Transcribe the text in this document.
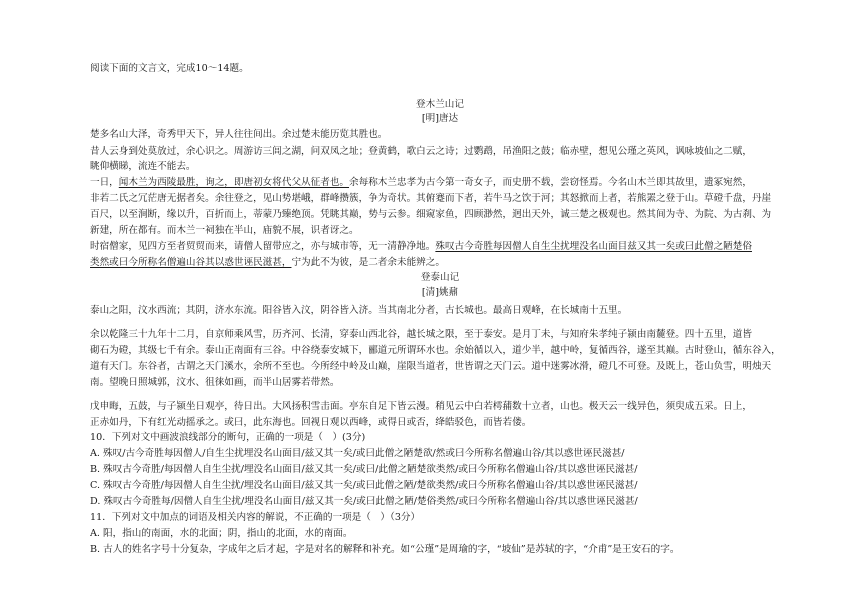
阅读下面的文言文，完成10～14题。
登木兰山记
[明]唐达
楚多名山大泽，奇秀甲天下，异人往往间出。余过楚未能历览其胜也。
昔人云身到处莫放过，余心识之。周游访三闾之湖，问双凤之址；登黄鹤，歌白云之诗；过鹦鹉，吊渔阳之鼓；临赤壁，想见公瑾之英风，讽咏坡仙之二赋，
眺仰横睇，流连不能去。
一日，闻木兰为西陵最胜，询之，即唐初女将代父从征者也。余每称木兰忠孝为古今第一奇女子，而史册不载，尝窃怪焉。今名山木兰即其故里，遗冢宛然，
非若二氏之冗茫唐无据者矣。余往登之，见山势堪峨，群峰攒簇，争为奇状。其俯蹇而下者，若牛马之饮于河；其怒掀而上者，若熊罴之登于山。草磴千盘，丹崖
百尺，以至涧断，缘以升，百折而上，蒂蒙乃臻绝顶。凭眺其巅，势与云参。细窥家鱼，四顾渺然，迥出天外，诚三楚之极观也。然其间为寺、为院、为古刹、为
新建，所在都有。而木兰一祠独在半山，庙貌不展，识者讶之。
时宿僧家，见四方至者贸贸而来，请僧人留带应之，亦与城市等，无一清静净地。殊叹古今奇胜每因僧人自生尘扰埋没名山面目兹又其一矣或曰此僧之陋楚俗
类然或曰今所称名僧遍山谷其以惑世诬民滋甚，宁为此不为彼，是二者余未能辨之。
登泰山记
[清]姚鼐
泰山之阳，汶水西流；其阴，济水东流。阳谷皆入汶，阴谷皆入济。当其南北分者，古长城也。最高日观峰，在长城南十五里。
余以乾隆三十九年十二月，自京师乘风雪，历齐河、长清，穿泰山西北谷，越长城之限，至于泰安。是月丁未，与知府朱孝纯子颍由南麓登。四十五里，道皆
砌石为磴，其级七千有余。泰山正南面有三谷。中谷绕泰安城下，郦道元所谓环水也。余始循以入，道少半，越中岭，复循西谷，遂至其巅。古时登山，循东谷入，
道有天门。东谷者，古谓之天门溪水，余所不至也。今所经中岭及山巅，崖限当道者，世皆谓之天门云。道中迷雾冰滑，磴几不可登。及既上，苍山负雪，明烛天
南。望晚日照城郭，汶水、徂徕如画，而半山居雾若带然。
戊申晦，五鼓，与子颍坐日观亭，待日出。大风扬积雪击面。亭东自足下皆云漫。稍见云中白若樗蒱数十立者，山也。极天云一线异色，须臾成五采。日上，
正赤如丹，下有红光动摇承之。或曰，此东海也。回视日观以西峰，或得日或否，绛皓驳色，而皆若偻。
10．下列对文中画波浪线部分的断句，正确的一项是（　）(3分)
A. 殊叹/古今奇胜每因僧人/自生尘扰埋没名山面目/兹又其一矣/或曰此僧之陋楚欲/然或曰今所称名僧遍山谷/其以惑世诬民滋甚/
B. 殊叹古今奇胜/每因僧人自生尘扰/埋没名山面目/兹又其一矣/或曰/此僧之陋楚欲类然/或曰今所称名僧遍山谷/其以惑世诬民滋甚/
C. 殊叹古今奇胜/每因僧人自生尘扰/埋没名山面目/兹又其一矣/或曰此僧之陋/楚欲类然/或曰今所称名僧遍山谷/其以惑世诬民滋甚/
D. 殊叹古今奇胜每/因僧人自生尘扰/埋没名山面目/兹又其一矣/或曰此僧之陋/楚俗类然/或曰今所称名僧遍山谷/其以惑世诬民滋甚/
11．下列对文中加点的词语及相关内容的解说，不正确的一项是（　）（3分）
A. 阳，指山的南面，水的北面；阴，指山的北面，水的南面。
B. 古人的姓名字号十分复杂，字成年之后才起，字是对名的解释和补充。如“公瑾”是周瑜的字，“坡仙”是苏轼的字，“介甫”是王安石的字。
